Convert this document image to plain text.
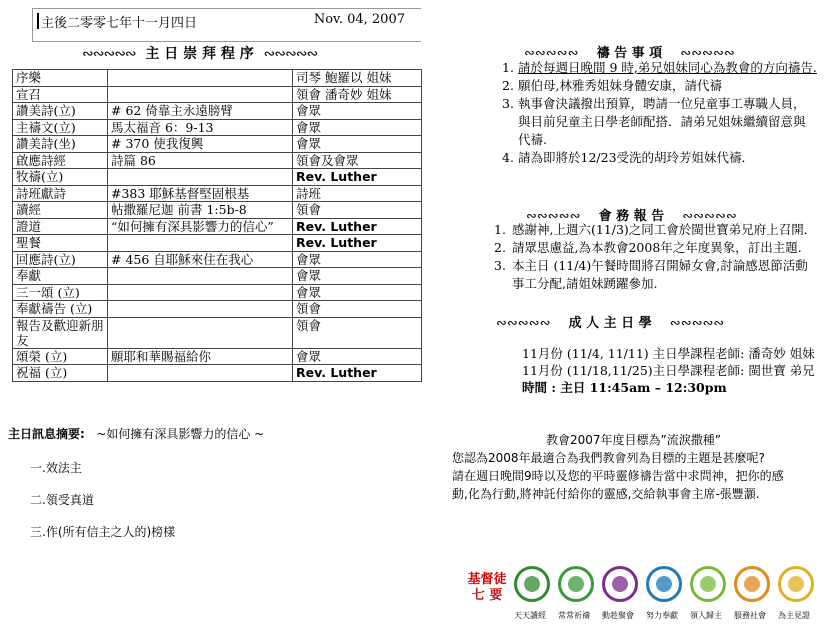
主後二零零七年十一月四日	Nov. 04, 2007
∾∾∾∾∾ 主 日 崇 拜 程 序 ∾∾∾∾∾
序樂		司琴 鮑羅以 姐妹
宣召		領會 潘奇妙 姐妹
讚美詩(立)	# 62 倚靠主永遠膀臂	會眾
主禱文(立)	馬太福音 6：9-13	會眾
讚美詩(坐)	# 370 使我復興	會眾
啟應詩經	詩篇 86	領會及會眾
牧禱(立)		Rev. Luther
詩班獻詩	#383 耶穌基督堅固根基	詩班
讀經	帖撒羅尼迦 前書 1:5b-8	領會
證道	“如何擁有深具影響力的信心”	Rev. Luther
聖餐		Rev. Luther
回應詩(立)	# 456 自耶穌來住在我心	會眾
奉獻		會眾
三一頌 (立)		會眾
奉獻禱告 (立)		領會
報告及歡迎新朋友		領會
頌榮 (立)	願耶和華賜福給你	會眾
祝福 (立)		Rev. Luther
主日訊息摘要: ~如何擁有深具影響力的信心 ~
一.效法主
二.領受真道
三.作(所有信主之人的)榜樣
∾∾∾∾∾ 禱 告 事 項 ∾∾∾∾∾
1. 請於每週日晚間 9 時,弟兄姐妹同心為教會的方向禱告.
2. 願伯母,林雅秀姐妹身體安康，請代禱
3. 執事會決議撥出預算，聘請一位兒童事工專職人員，
與目前兒童主日學老師配搭．請弟兄姐妹繼續留意與
代禱.
4. 請為即將於12/23受洗的胡玲芳姐妹代禱．
∾∾∾∾∾ 會 務 報 告 ∾∾∾∾∾
1. 感謝神,上週六(11/3)之同工會於閩世寶弟兄府上召開．
2. 請眾思慮益,為本教會2008年之年度異象，訂出主題.
3. 本主日 (11/4)午餐時間將召開婦女會,討論感恩節活動
事工分配,請姐妹踴躍參加.
∾∾∾∾∾ 成 人 主 日 學 ∾∾∾∾∾
11月份 (11/4, 11/11) 主日學課程老師: 潘奇妙 姐妹
11月份 (11/18,11/25)主日學課程老師: 閩世寶 弟兄
時間 : 主日 11:45am – 12:30pm
教會2007年度目標為”流淚撒種”
您認為2008年最適合為我們教會列為目標的主題是甚麼呢?
請在週日晚間9時以及您的平時靈修禱告當中求問神，把你的感
動,化為行動,將神託付給你的靈感,交給執事會主席-張豐灝.
基督徒
七 要
天天讀經 常常祈禱 動趁聚會 努力奉獻 領人歸主 服務社會 為主見證
